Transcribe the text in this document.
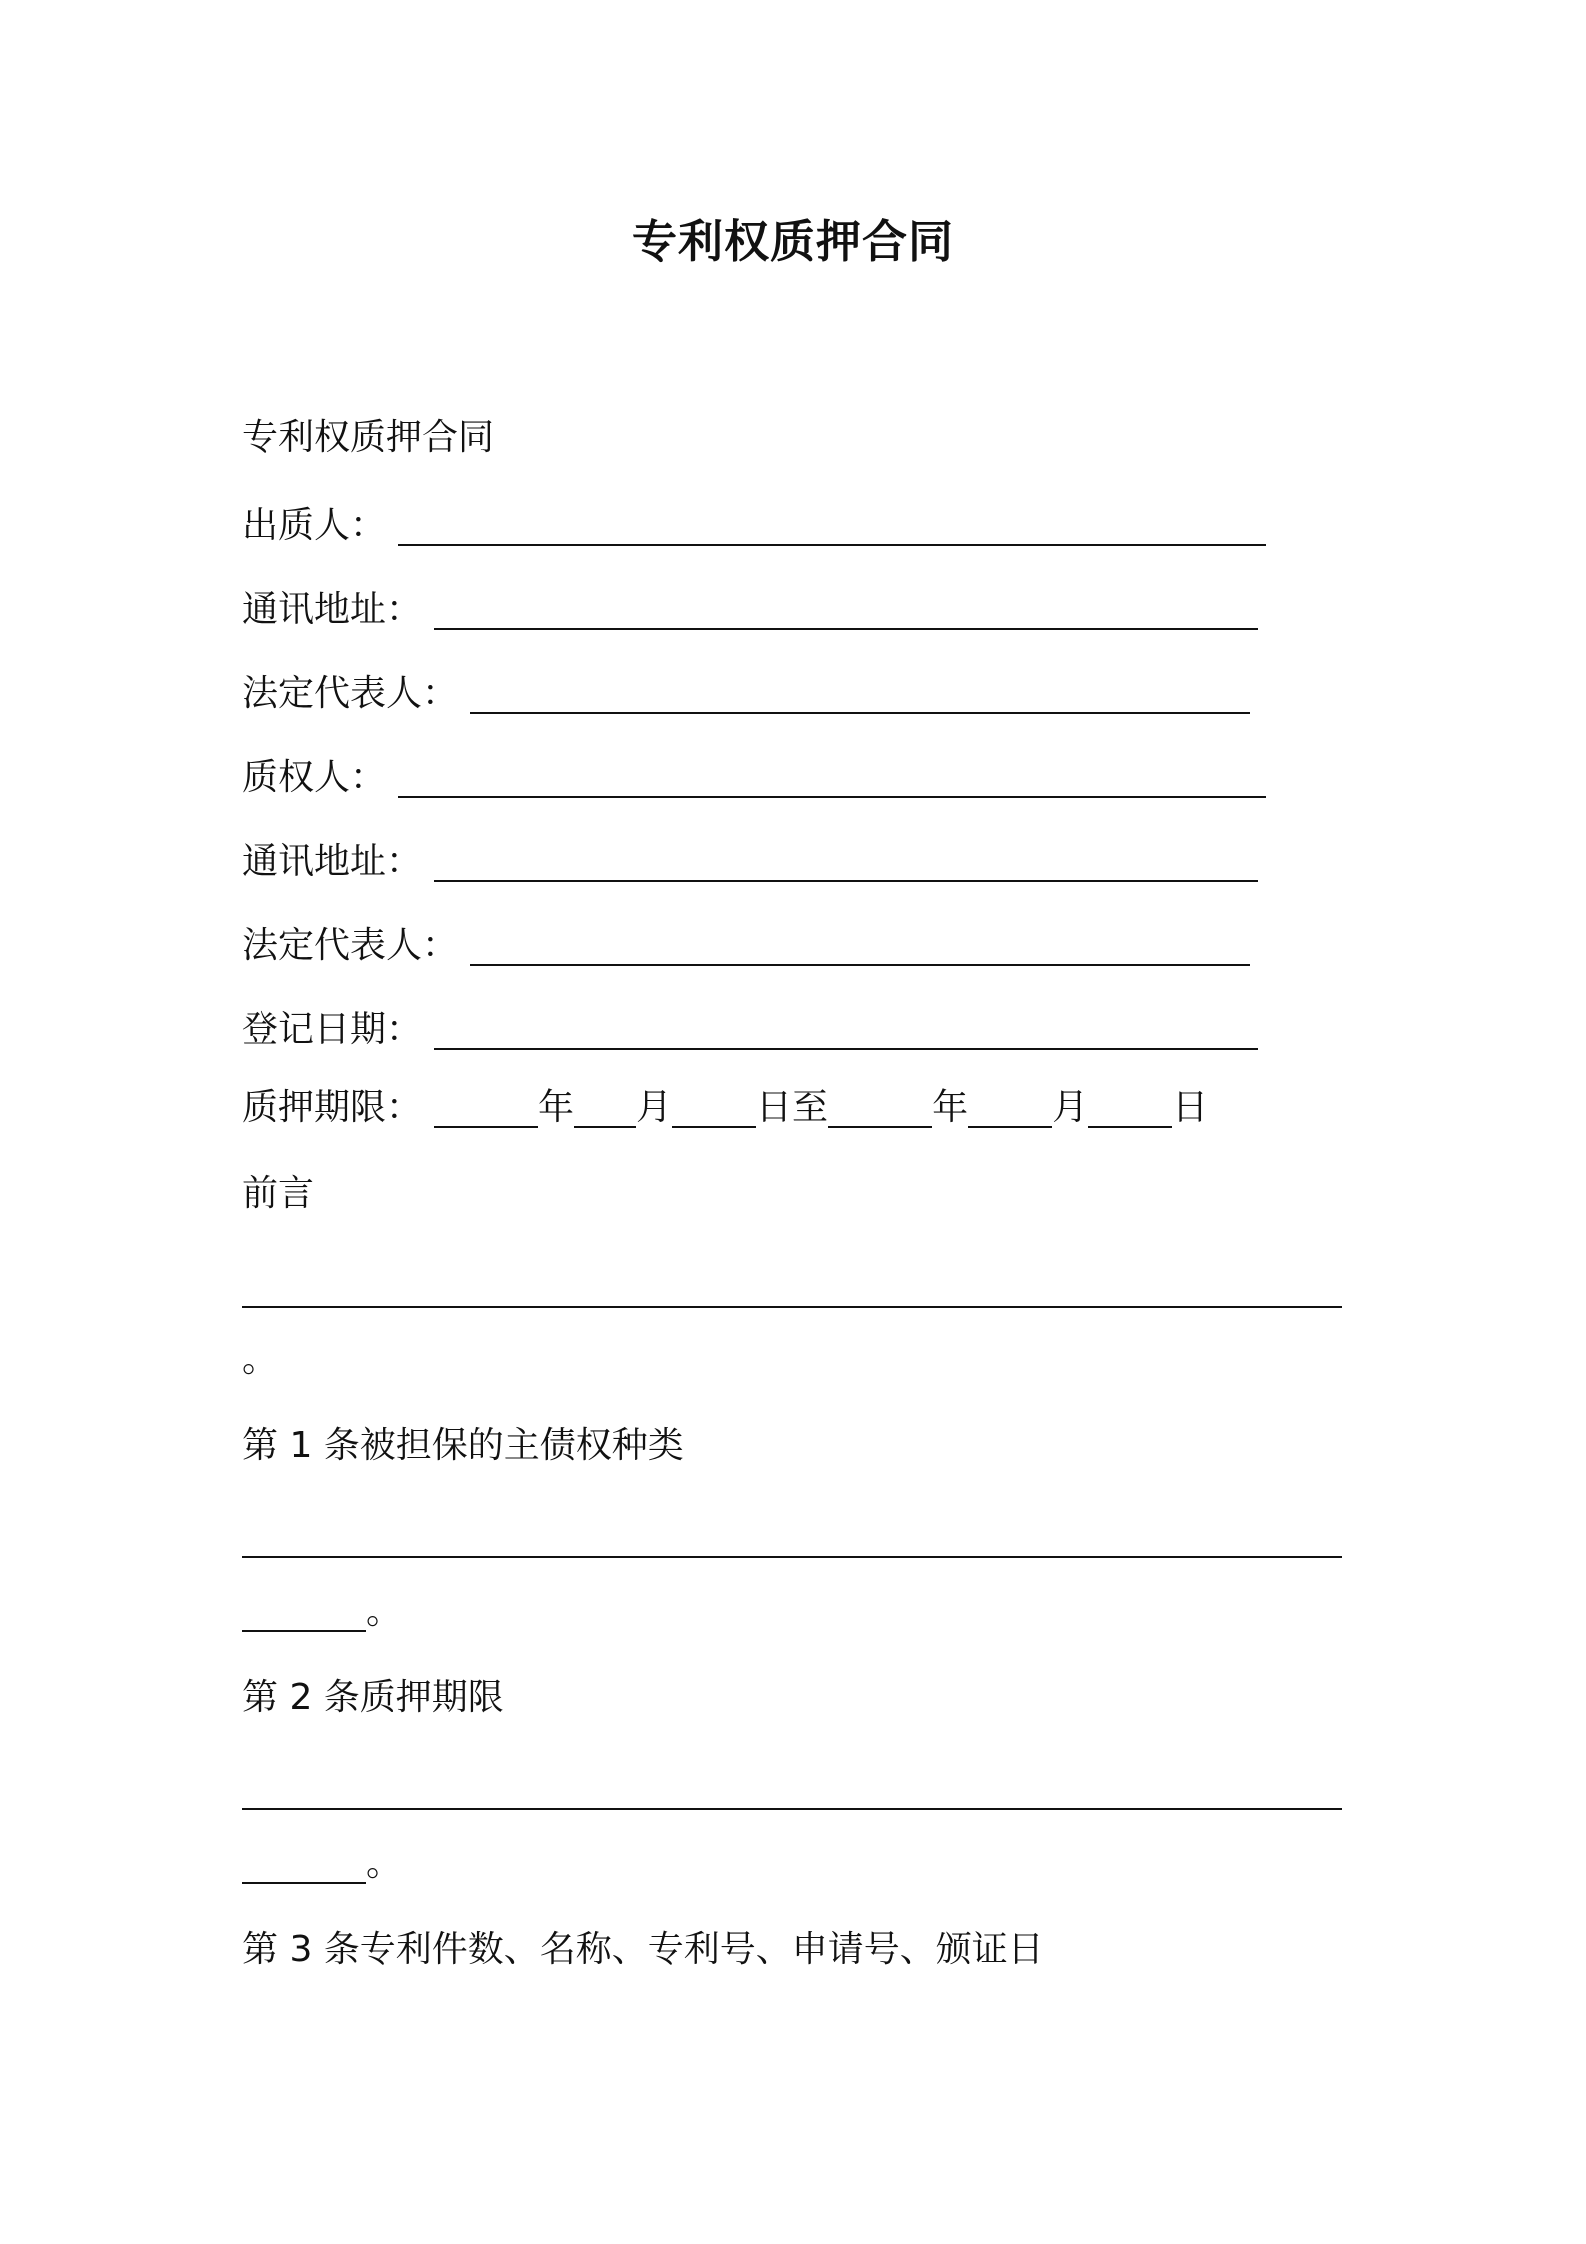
专利权质押合同
专利权质押合同
出质人：
通讯地址：
法定代表人：
质权人：
通讯地址：
法定代表人：
登记日期：
质押期限：	年 月 日至	年 月 日
前言
。
第 1 条被担保的主债权种类
。
第 2 条质押期限
。
第 3 条专利件数、名称、专利号、申请号、颁证日
